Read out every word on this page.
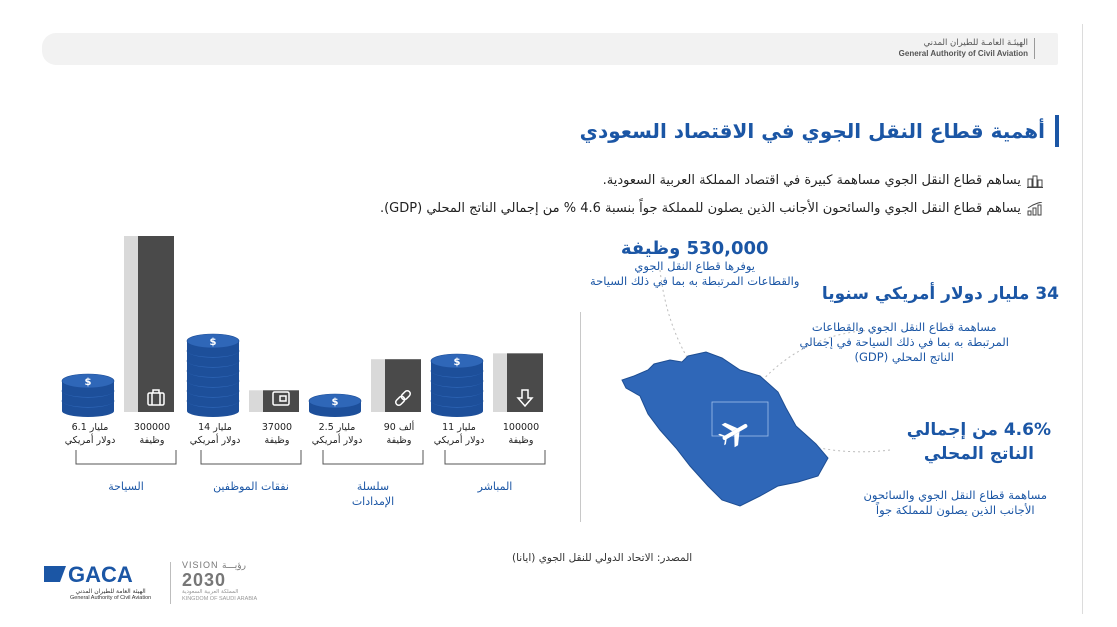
الهيئـة العامـة للطيران المدني
General Authority of Civil Aviation
أهمية قطاع النقل الجوي في الاقتصاد السعودي
يساهم قطاع النقل الجوي مساهمة كبيرة في اقتصاد المملكة العربية السعودية.
يساهم قطاع النقل الجوي والسائحون الأجانب الذين يصلون للمملكة جواً بنسبة 4.6 % من إجمالي الناتج المحلي (GDP).
530,000 وظيفة
يوفرها قطاع النقل الجوي
والقطاعات المرتبطة به بما في ذلك السياحة
34 مليار دولار أمريكي سنويا
مساهمة قطاع النقل الجوي والقطاعات
المرتبطة به بما في ذلك السياحة في إجمالي
الناتج المحلي (GDP)
4.6% من إجمالي
الناتج المحلي
مساهمة قطاع النقل الجوي والسائحون
الأجانب الذين يصلون للمملكة جواً
300000
وظيفة
$
6.1 مليار
دولار أمريكي
السياحة
37000
وظيفة
$
14 مليار
دولار أمريكي
نفقات الموظفين
90 ألف
وظيفة
$
2.5 مليار
دولار أمريكي
سلسلة
الإمدادات
100000
وظيفة
$
11 مليار
دولار أمريكي
المباشر
المصدر: الاتحاد الدولي للنقل الجوي (ايانا)
GACA
الهيئة العامة للطيران المدني
General Authority of Civil Aviation
VISION رؤيـــة
2030
المملكة العربية السعودية
KINGDOM OF SAUDI ARABIA
